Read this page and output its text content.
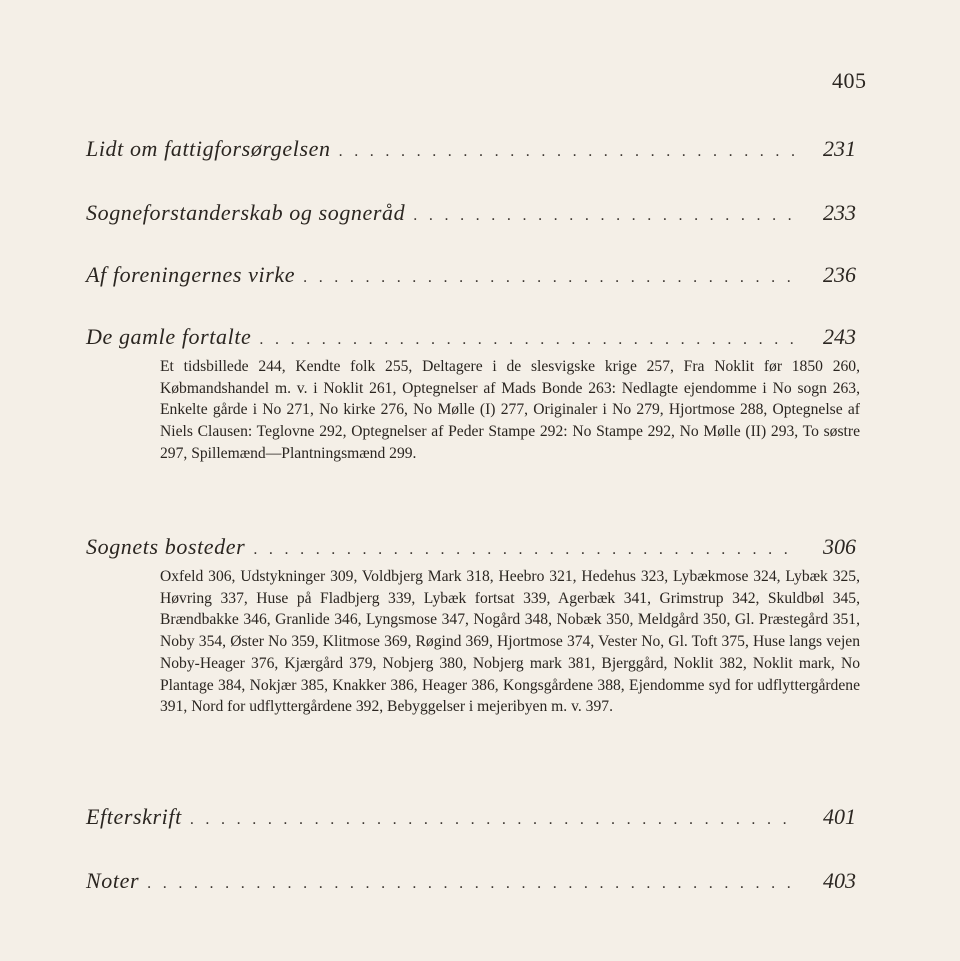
405
Lidt om fattigforsørgelsen . . .	231
Sogneforstanderskab og sogneråd . . .	233
Af foreningernes virke . . .	236
De gamle fortalte . . .	243
Et tidsbillede 244, Kendte folk 255, Deltagere i de slesvigske krige 257, Fra Noklit før 1850 260, Købmandshandel m. v. i Noklit 261, Optegnelser af Mads Bonde 263: Nedlagte ejendomme i No sogn 263, Enkelte gårde i No 271, No kirke 276, No Mølle (I) 277, Originaler i No 279, Hjortmose 288, Optegnelse af Niels Clausen: Teglovne 292, Optegnelser af Peder Stampe 292: No Stampe 292, No Mølle (II) 293, To søstre 297, Spillemænd—Plantningsmænd 299.
Sognets bosteder . . .	306
Oxfeld 306, Udstykninger 309, Voldbjerg Mark 318, Heebro 321, Hedehus 323, Lybækmose 324, Lybæk 325, Høvring 337, Huse på Fladbjerg 339, Lybæk fortsat 339, Agerbæk 341, Grimstrup 342, Skuldbøl 345, Brændbakke 346, Granlide 346, Lyngsmose 347, Nogård 348, Nobæk 350, Meldgård 350, Gl. Præstegård 351, Noby 354, Øster No 359, Klitmose 369, Røgind 369, Hjortmose 374, Vester No, Gl. Toft 375, Huse langs vejen Noby-Heager 376, Kjærgård 379, Nobjerg 380, Nobjerg mark 381, Bjerggård, Noklit 382, Noklit mark, No Plantage 384, Nokjær 385, Knakker 386, Heager 386, Kongsgårdene 388, Ejendomme syd for udflyttergårdene 391, Nord for udflyttergårdene 392, Bebyggelser i mejeribyen m. v. 397.
Efterskrift . . .	401
Noter . . .	403
